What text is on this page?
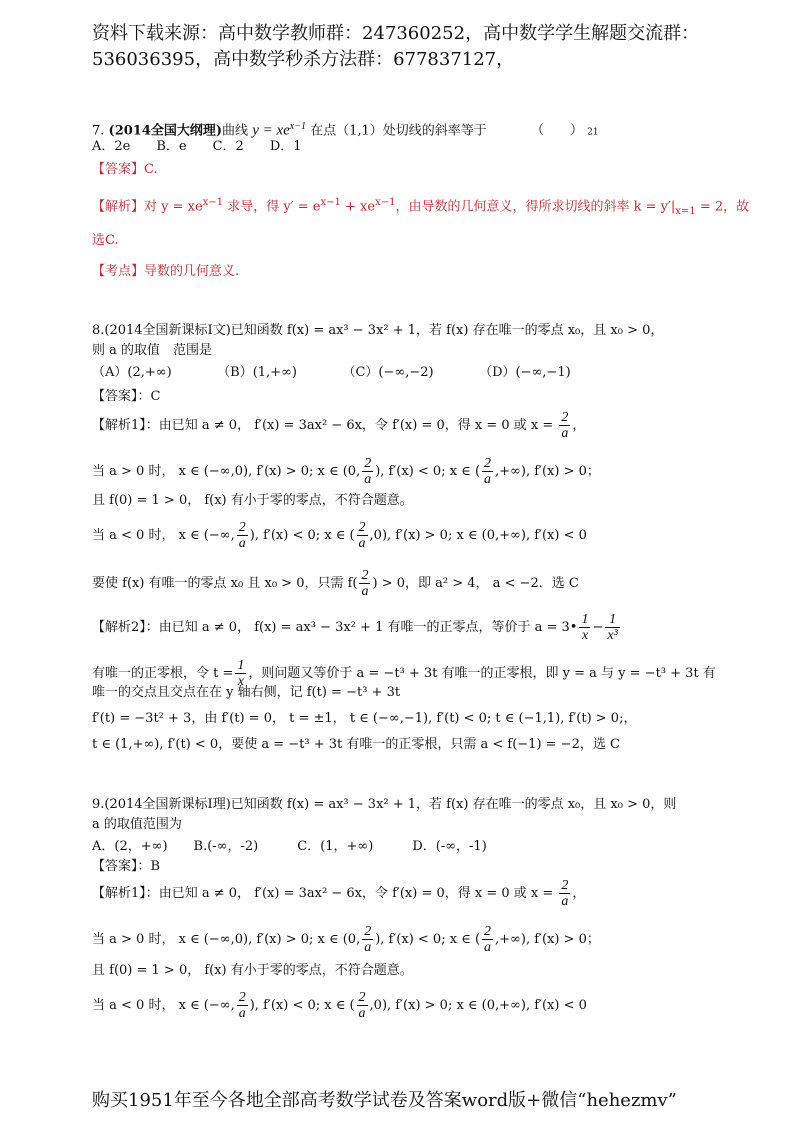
资料下载来源：高中数学教师群：247360252，高中数学学生解题交流群：
536036395，高中数学秒杀方法群：677837127，
7. (2014全国大纲理)曲线 $y = xe^{x-1}$ 在点（1,1）处切线的斜率等于	（　　） 21
A．2e　　B．e　　C．2　　D．1
【答案】C.
【解析】对 $y = xe^{x-1}$ 求导，得 $y' = e^{x-1} + xe^{x-1}$，由导数的几何意义，得所求切线的斜率 $k = y'|_{x=1} = 2$，故
选C.
【考点】导数的几何意义.
8.(2014全国新课标Ⅰ文)已知函数 f(x) = ax³ − 3x² + 1，若 f(x) 存在唯一的零点 x₀，且 x₀ > 0，
则 a 的取值　范围是
（A）(2,+∞)　　　　（B）(1,+∞)　　　　（C）(−∞,−2)　　　　（D）(−∞,−1)
【答案】：C
【解析1】：由已知 a ≠ 0， f′(x) = 3ax² − 6x，令 f′(x) = 0，得 x = 0 或 $x = \frac{2}{a}$ ，
当 a > 0 时， x ∈ (−∞,0), f′(x) > 0; x ∈ (0, $\frac{2}{a}$ ), f′(x) < 0; x ∈ ( $\frac{2}{a}$ ,+∞), f′(x) > 0；
且 f(0) = 1 > 0， f(x) 有小于零的零点，不符合题意。
当 a < 0 时， x ∈ (−∞, $\frac{2}{a}$ ), f′(x) < 0; x ∈ ( $\frac{2}{a} ,0$), f′(x) > 0; x ∈ (0,+∞), f′(x) < 0
要使 f(x) 有唯一的零点 x₀ 且 x₀ > 0，只需 $f( \frac{2}{a}$ ) > 0，即 a² > 4， a < −2．选 C
【解析2】：由已知 a ≠ 0， f(x) = ax³ − 3x² + 1 有唯一的正零点，等价于 a = 3• $\frac{1}{x} - \frac{1}{\text{x³}}$
有唯一的正零根，令 $t = \frac{1}{x}$ ，则问题又等价于 a = −t³ + 3t 有唯一的正零根，即 y = a 与 y = −t³ + 3t 有
唯一的交点且交点在在 y 轴右侧，记 f(t) = −t³ + 3t
f′(t) = −3t² + 3，由 f′(t) = 0， t = ±1， t ∈ (−∞,−1), f′(t) < 0; t ∈ (−1,1), f′(t) > 0;，
t ∈ (1,+∞), f′(t) < 0，要使 a = −t³ + 3t 有唯一的正零根，只需 a < f(−1) = −2，选 C
9.(2014全国新课标Ⅰ理)已知函数 f(x) = ax³ − 3x² + 1，若 f(x) 存在唯一的零点 x₀，且 x₀ > 0，则
a 的取值范围为
A．(2，+∞)　　B.(-∞，-2)　　　C．(1，+∞)　　　D．(-∞，-1)
【答案】：B
【解析1】：由已知 a ≠ 0， f′(x) = 3ax² − 6x，令 f′(x) = 0，得 x = 0 或 $x = \frac{2}{a}$ ，
当 a > 0 时， x ∈ (−∞,0), f′(x) > 0; x ∈ (0, $\frac{2}{a}$ ), f′(x) < 0; x ∈ ( $\frac{2}{a}$ ,+∞), f′(x) > 0；
且 f(0) = 1 > 0， f(x) 有小于零的零点，不符合题意。
当 a < 0 时， x ∈ (−∞, $\frac{2}{a}$ ), f′(x) < 0; x ∈ ( $\frac{2}{a} ,0$), f′(x) > 0; x ∈ (0,+∞), f′(x) < 0
购买1951年至今各地全部高考数学试卷及答案word版+微信“hehezmv”
